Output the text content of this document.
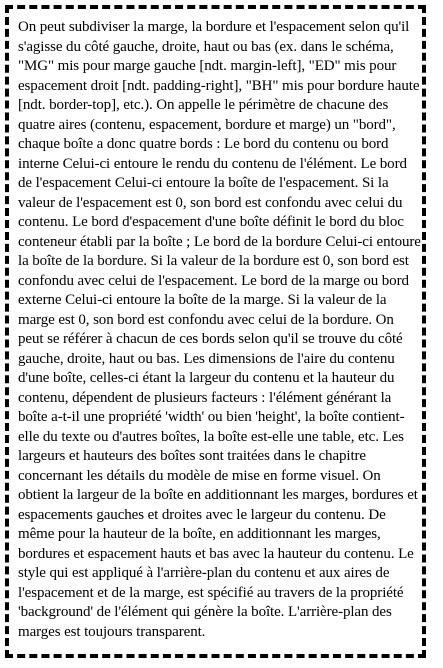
On peut subdiviser la marge, la bordure et l'espacement selon qu'il s'agisse du côté gauche, droite, haut ou bas (ex. dans le schéma, "MG" mis pour marge gauche [ndt. margin-left], "ED" mis pour espacement droit [ndt. padding-right], "BH" mis pour bordure haute [ndt. border-top], etc.). On appelle le périmètre de chacune des quatre aires (contenu, espacement, bordure et marge) un "bord", chaque boîte a donc quatre bords : Le bord du contenu ou bord interne Celui-ci entoure le rendu du contenu de l'élément. Le bord de l'espacement Celui-ci entoure la boîte de l'espacement. Si la valeur de l'espacement est 0, son bord est confondu avec celui du contenu. Le bord d'espacement d'une boîte définit le bord du bloc conteneur établi par la boîte ; Le bord de la bordure Celui-ci entoure la boîte de la bordure. Si la valeur de la bordure est 0, son bord est confondu avec celui de l'espacement. Le bord de la marge ou bord externe Celui-ci entoure la boîte de la marge. Si la valeur de la marge est 0, son bord est confondu avec celui de la bordure. On peut se référer à chacun de ces bords selon qu'il se trouve du côté gauche, droite, haut ou bas. Les dimensions de l'aire du contenu d'une boîte, celles-ci étant la largeur du contenu et la hauteur du contenu, dépendent de plusieurs facteurs : l'élément générant la boîte a-t-il une propriété 'width' ou bien 'height', la boîte contient-elle du texte ou d'autres boîtes, la boîte est-elle une table, etc. Les largeurs et hauteurs des boîtes sont traitées dans le chapitre concernant les détails du modèle de mise en forme visuel. On obtient la largeur de la boîte en additionnant les marges, bordures et espacements gauches et droites avec le largeur du contenu. De même pour la hauteur de la boîte, en additionnant les marges, bordures et espacement hauts et bas avec la hauteur du contenu. Le style qui est appliqué à l'arrière-plan du contenu et aux aires de l'espacement et de la marge, est spécifié au travers de la propriété 'background' de l'élément qui génère la boîte. L'arrière-plan des marges est toujours transparent.
